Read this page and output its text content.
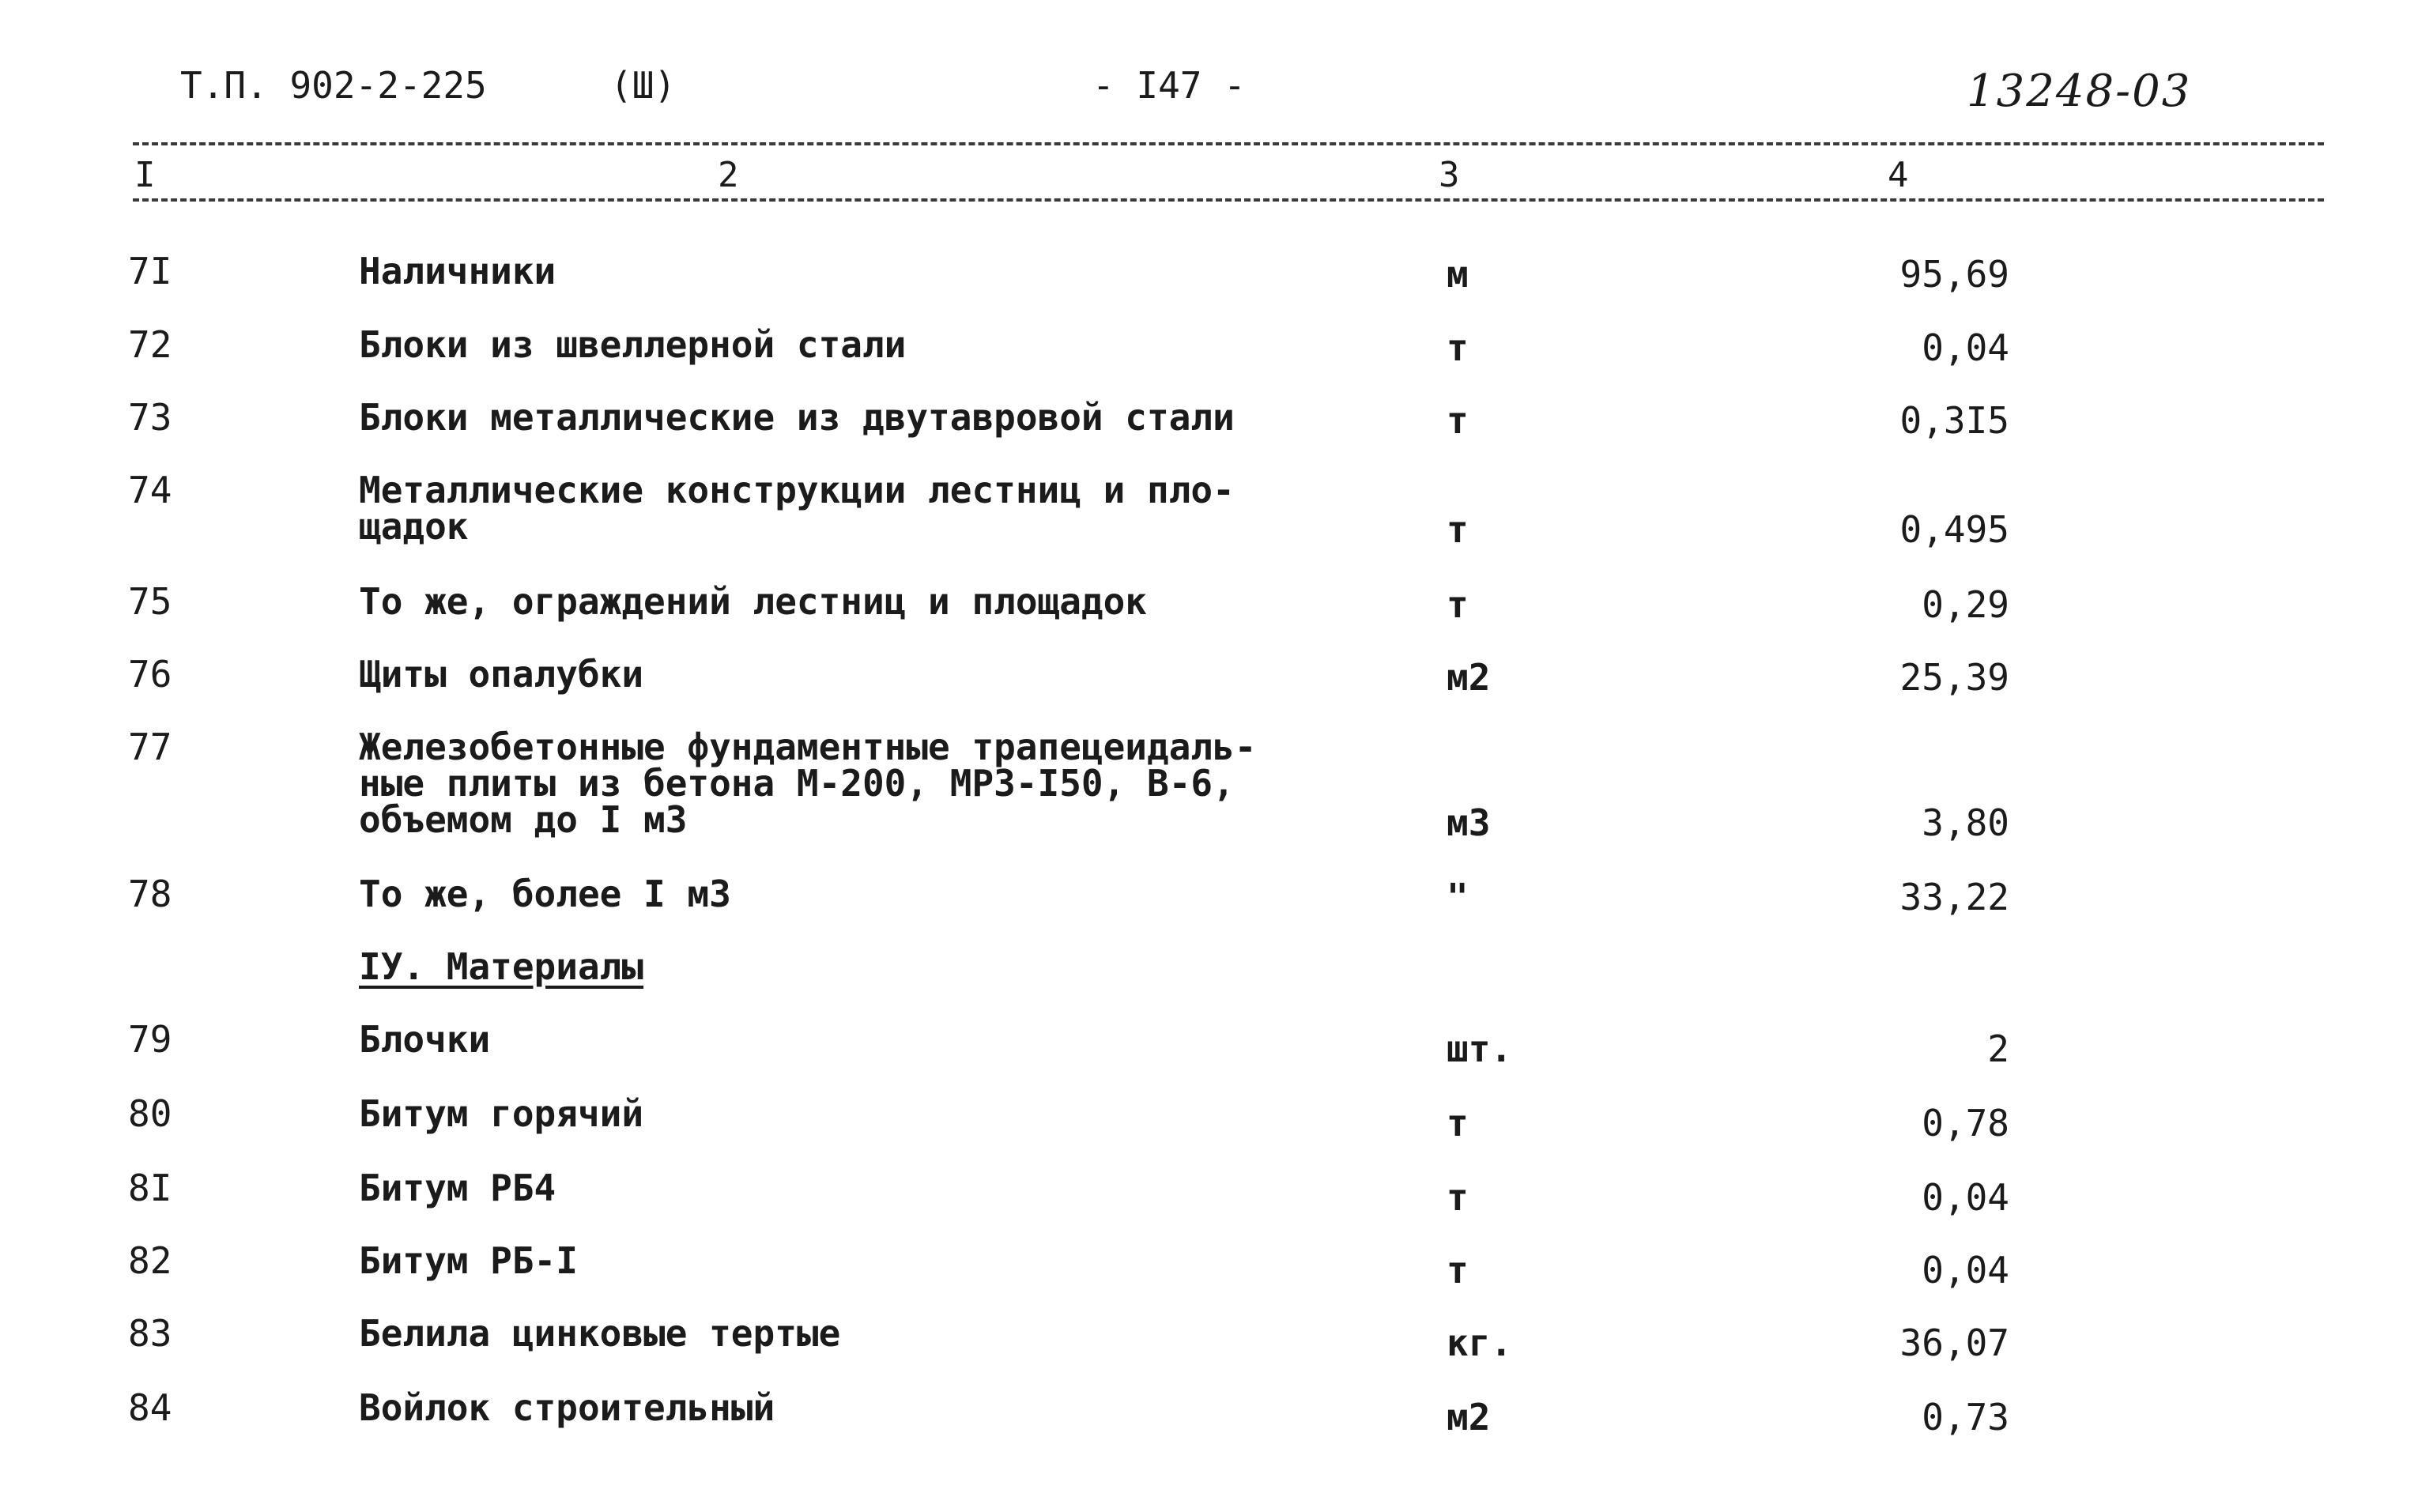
Т.П. 902-2-225	(Ш)	- I47 -	13248-03
I	2	3	4
7I	Наличники	м	95,69
72	Блоки из швеллерной стали	т	0,04
73	Блоки металлические из двутавровой стали	т	0,3I5
74	Металлические конструкции лестниц и пло-
щадок	т	0,495
75	То же, ограждений лестниц и площадок	т	0,29
76	Щиты опалубки	м2	25,39
77	Железобетонные фундаментные трапецеидаль-
ные плиты из бетона М-200, МРЗ-I50, В-6,
объемом до I м3	м3	3,80
78	То же, более I м3	"	33,22
IУ. Материалы
79	Блочки	шт.	2
80	Битум горячий	т	0,78
8I	Битум РБ4	т	0,04
82	Битум РБ-I	т	0,04
83	Белила цинковые тертые	кг.	36,07
84	Войлок строительный	м2	0,73
